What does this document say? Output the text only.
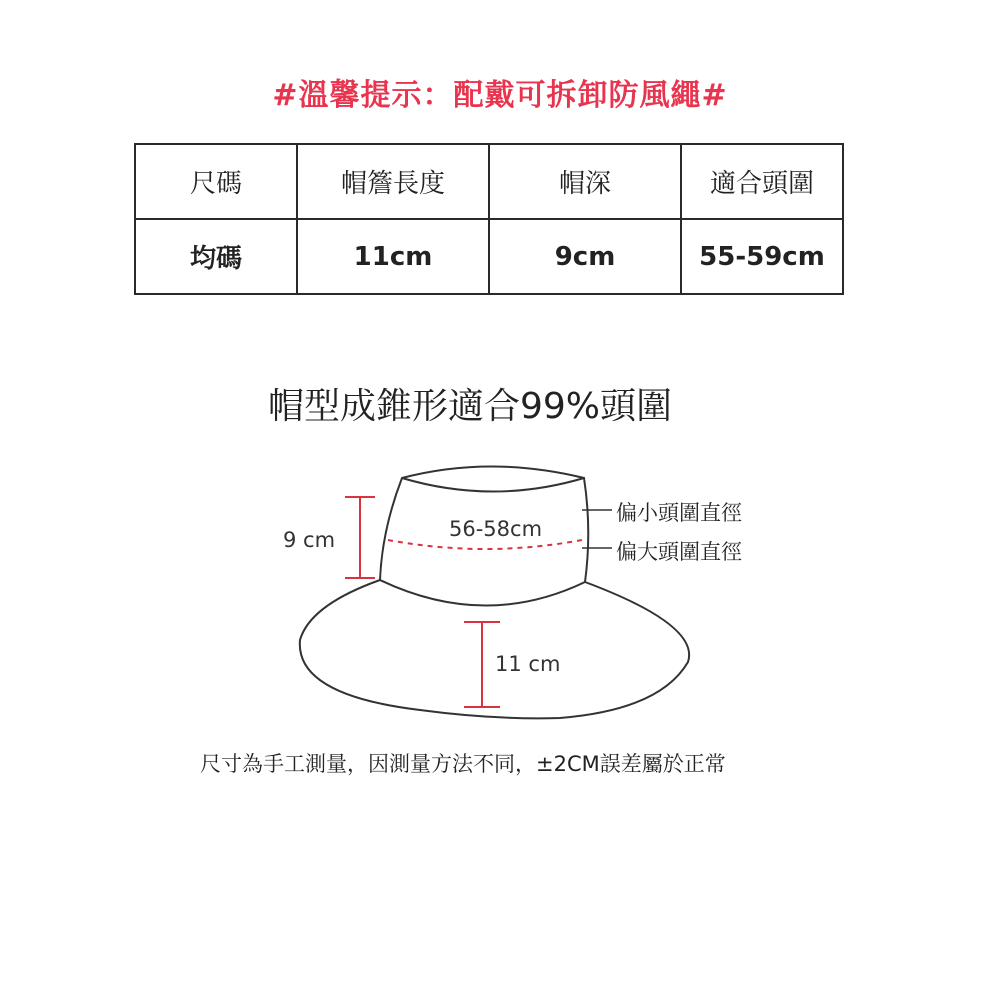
#溫馨提示：配戴可拆卸防風繩#
尺碼	帽簷長度	帽深	適合頭圍
均碼	11cm	9cm	55-59cm
帽型成錐形適合99%頭圍
9 cm	56-58cm
11 cm
偏小頭圍直徑
偏大頭圍直徑
尺寸為手工測量，因測量方法不同，±2CM誤差屬於正常
